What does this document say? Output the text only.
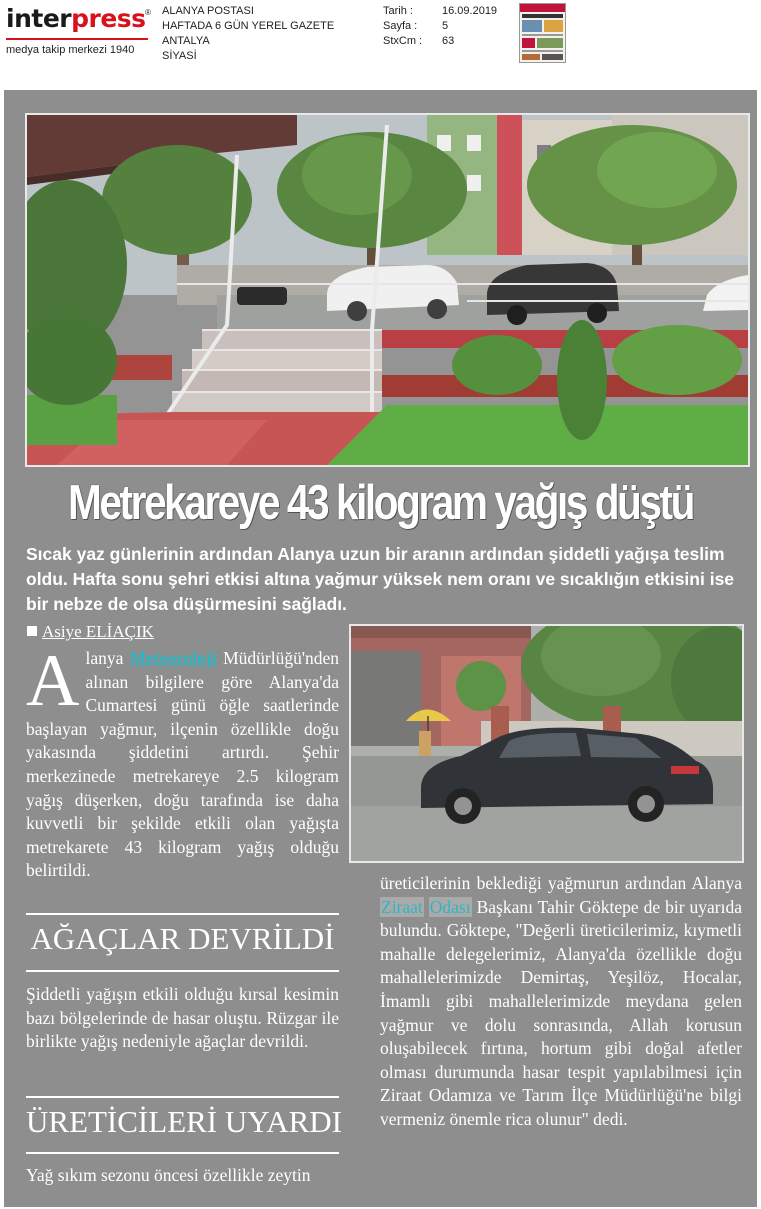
interpress ®
medya takip merkezi 1940
ALANYA POSTASI
HAFTADA 6 GÜN YEREL GAZETE
ANTALYA
SİYASİ
Tarih :
Sayfa :
StxCm :
16.09.2019
5
63
Metrekareye 43 kilogram yağış düştü
Sıcak yaz günlerinin ardından Alanya uzun bir aranın ardından şiddetli yağışa teslim oldu. Hafta sonu şehri etkisi altına yağmur yüksek nem oranı ve sıcaklığın etkisini ise bir nebze de olsa düşürmesini sağladı.
Asiye ELİAÇIK
Alanya Meteoroloji Müdürlüğü'nden alınan bilgilere göre Alanya'da Cumartesi günü öğle saatlerinde başlayan yağmur, ilçenin özellikle doğu yakasında şiddetini artırdı. Şehir merkezinede metrekareye 2.5 kilogram yağış düşerken, doğu tarafında ise daha kuvvetli bir şekilde etkili olan yağışta metrekarete 43 kilogram yağış olduğu belirtildi.
AĞAÇLAR DEVRİLDİ
Şiddetli yağışın etkili olduğu kırsal kesimin bazı bölgelerinde de hasar oluştu. Rüzgar ile birlikte yağış nedeniyle ağaçlar devrildi.
ÜRETİCİLERİ UYARDI
Yağ sıkım sezonu öncesi özellikle zeytin
üreticilerinin beklediği yağmurun ardından Alanya Ziraat Odası Başkanı Tahir Göktepe de bir uyarıda bulundu. Göktepe, "Değerli üreticilerimiz, kıymetli mahalle delegelerimiz, Alanya'da özellikle doğu mahallelerimizde Demirtaş, Yeşilöz, Hocalar, İmamlı gibi mahallelerimizde meydana gelen yağmur ve dolu sonrasında, Allah korusun oluşabilecek fırtına, hortum gibi doğal afetler olması durumunda hasar tespit yapılabilmesi için Ziraat Odamıza ve Tarım İlçe Müdürlüğü'ne bilgi vermeniz önemle rica olunur" dedi.
